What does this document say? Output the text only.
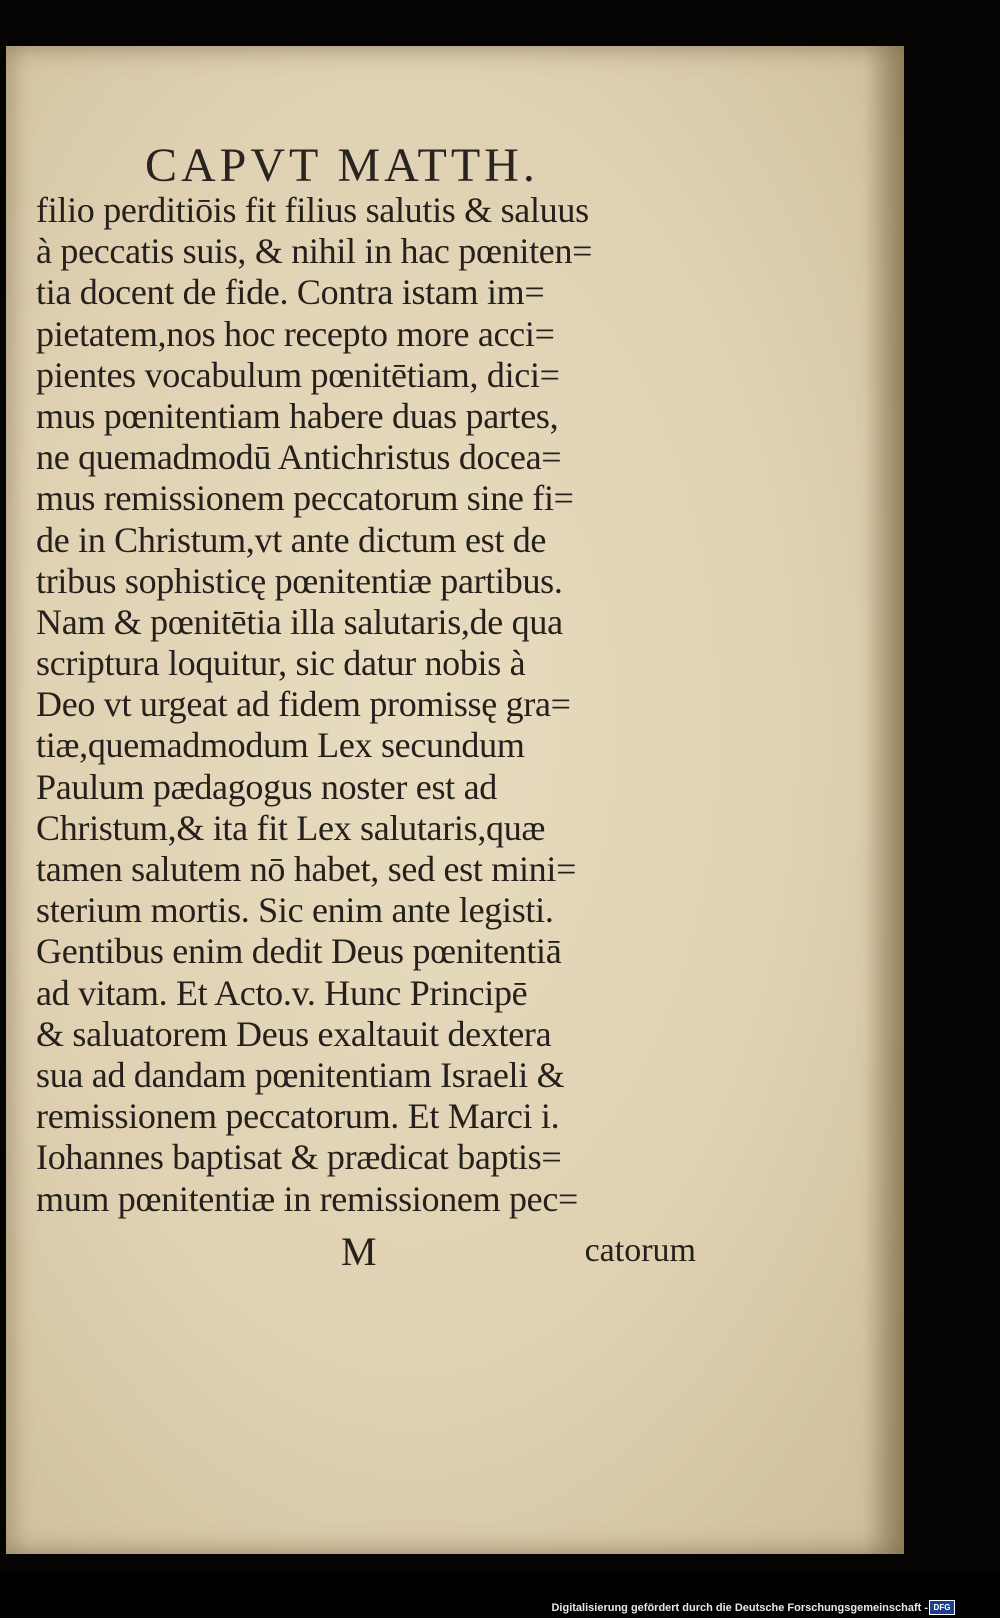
CAPVT MATTH.
filio perditiōis fit filius salutis & saluus
à peccatis suis, & nihil in hac pœniten=
tia docent de fide. Contra istam im=
pietatem,nos hoc recepto more acci=
pientes vocabulum pœnitētiam, dici=
mus pœnitentiam habere duas partes,
ne quemadmodū Antichristus docea=
mus remissionem peccatorum sine fi=
de in Christum,vt ante dictum est de
tribus sophisticę pœnitentiæ partibus.
Nam & pœnitētia illa salutaris,de qua
scriptura loquitur, sic datur nobis à
Deo vt urgeat ad fidem promissę gra=
tiæ,quemadmodum Lex secundum
Paulum pædagogus noster est ad
Christum,& ita fit Lex salutaris,quæ
tamen salutem nō habet, sed est mini=
sterium mortis. Sic enim ante legisti.
Gentibus enim dedit Deus pœnitentiā
ad vitam. Et Acto.v. Hunc Principē
& saluatorem Deus exaltauit dextera
sua ad dandam pœnitentiam Israeli &
remissionem peccatorum. Et Marci i.
Iohannes baptisat & prædicat baptis=
mum pœnitentiæ in remissionem pec=
M	catorum
Digitalisierung gefördert durch die Deutsche Forschungsgemeinschaft - DFG
